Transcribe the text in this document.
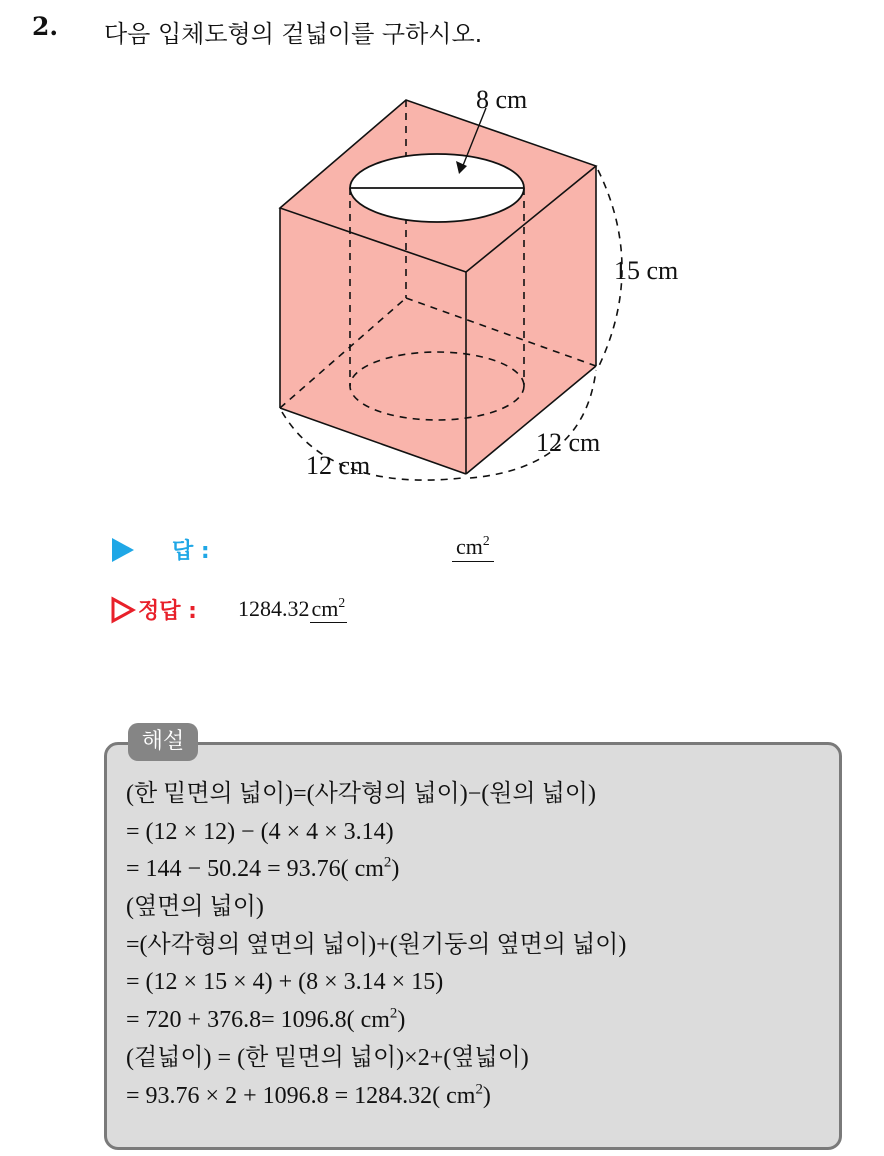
2. 다음 입체도형의 겉넓이를 구하시오.
8 cm
15 cm
12 cm
12 cm
답 :	$cm^2$
정답 : $1284.32cm^2$
해설
(한 밑면의 넓이)=(사각형의 넓이)−(원의 넓이)
= (12 × 12) − (4 × 4 × 3.14)
= 144 − 50.24 = 93.76( $cm^2$)
(옆면의 넓이)
=(사각형의 옆면의 넓이)+(원기둥의 옆면의 넓이)
= (12 × 15 × 4) + (8 × 3.14 × 15)
= 720 + 376.8= 1096.8( $cm^2$)
(겉넓이) = (한 밑면의 넓이)×2+(옆넓이)
= 93.76 × 2 + 1096.8 = 1284.32( $cm^2$)
